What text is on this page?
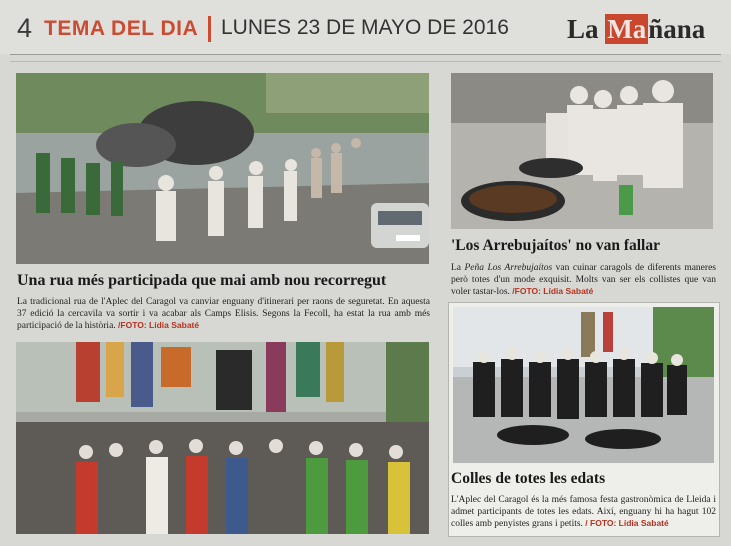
4 TEMA DEL DIA LUNES 23 DE MAYO DE 2016 La Mañana
Una rua més participada que mai amb nou recorregut
La tradicional rua de l'Aplec del Caragol va canviar enguany d'itinerari per raons de seguretat. En aquesta 37 edició la cercavila va sortir i va acabar als Camps Elisis. Segons la Fecoll, ha estat la rua amb més participació de la història. /FOTO: Lídia Sabaté
'Los Arrebujaítos' no van fallar
La Peña Los Arrebujaítos van cuinar caragols de diferents maneres però totes d'un mode exquisit. Molts van ser els collistes que van voler tastar-los. /FOTO: Lídia Sabaté
Colles de totes les edats
L'Aplec del Caragol és la més famosa festa gastronòmica de Lleida i admet participants de totes les edats. Així, enguany hi ha hagut 102 colles amb penyistes grans i petits. / FOTO: Lídia Sabaté
